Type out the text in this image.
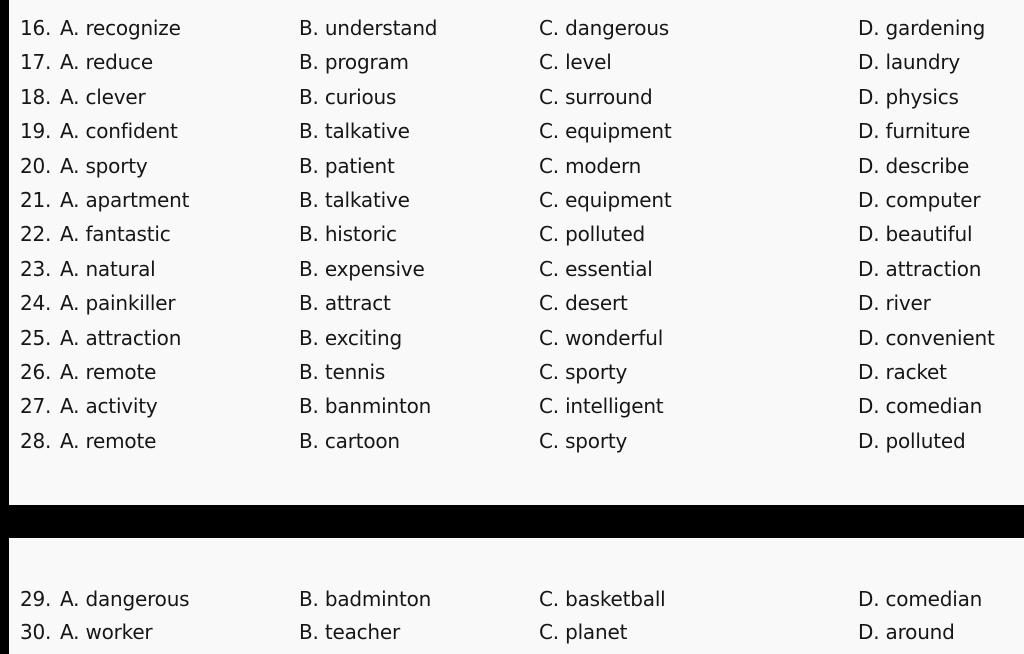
16. A. recognize	B. understand	C. dangerous	D. gardening
17. A. reduce	B. program	C. level	D. laundry
18. A. clever	B. curious	C. surround	D. physics
19. A. confident	B. talkative	C. equipment	D. furniture
20. A. sporty	B. patient	C. modern	D. describe
21. A. apartment	B. talkative	C. equipment	D. computer
22. A. fantastic	B. historic	C. polluted	D. beautiful
23. A. natural	B. expensive	C. essential	D. attraction
24. A. painkiller	B. attract	C. desert	D. river
25. A. attraction	B. exciting	C. wonderful	D. convenient
26. A. remote	B. tennis	C. sporty	D. racket
27. A. activity	B. banminton	C. intelligent	D. comedian
28. A. remote	B. cartoon	C. sporty	D. polluted
29. A. dangerous	B. badminton	C. basketball	D. comedian
30. A. worker	B. teacher	C. planet	D. around
